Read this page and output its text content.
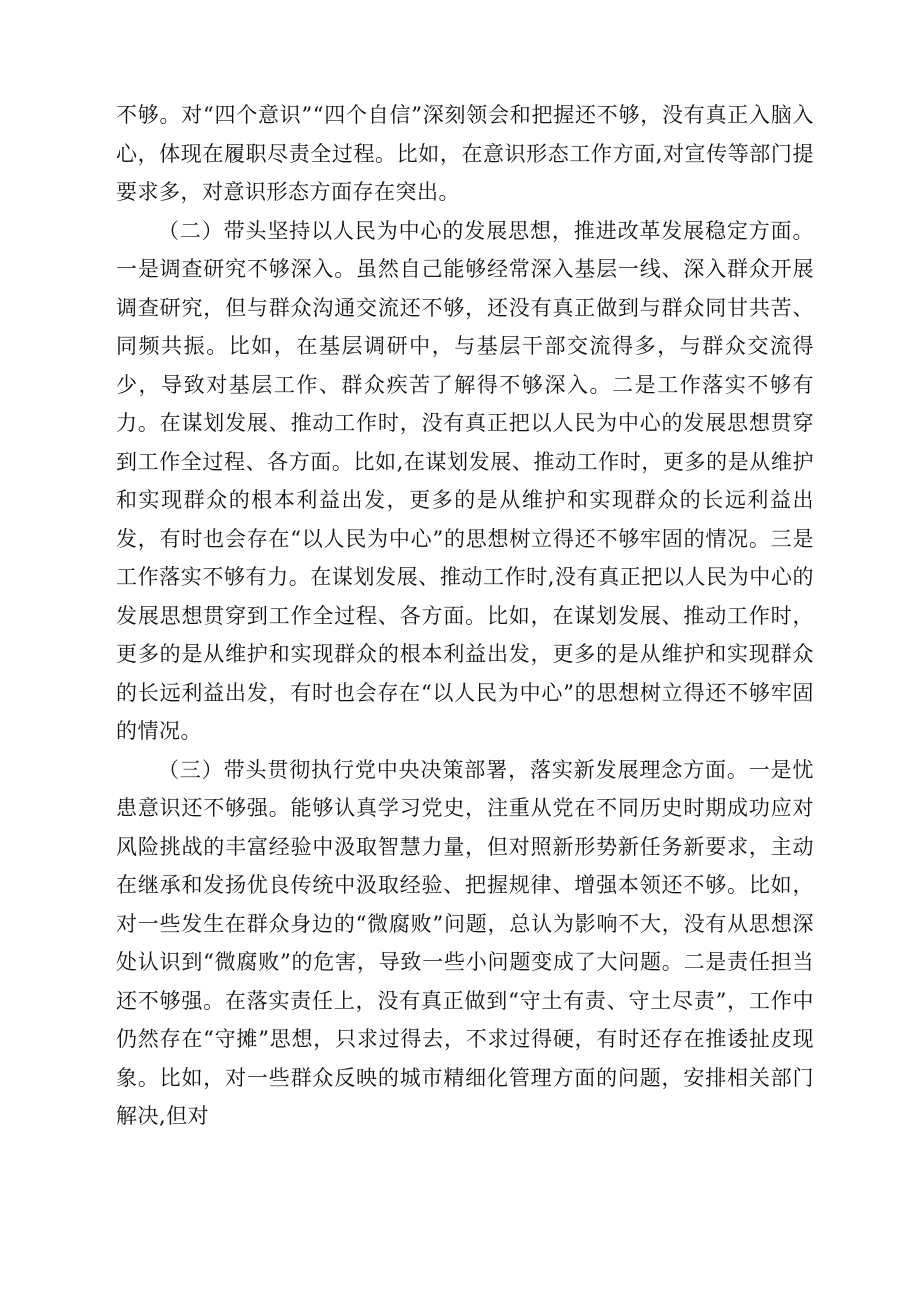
不够。对“四个意识”“四个自信”深刻领会和把握还不够，没有真正入脑入心，体现在履职尽责全过程。比如，在意识形态工作方面,对宣传等部门提要求多，对意识形态方面存在突出。

（二）带头坚持以人民为中心的发展思想，推进改革发展稳定方面。一是调查研究不够深入。虽然自己能够经常深入基层一线、深入群众开展调查研究，但与群众沟通交流还不够，还没有真正做到与群众同甘共苦、同频共振。比如，在基层调研中，与基层干部交流得多，与群众交流得少，导致对基层工作、群众疾苦了解得不够深入。二是工作落实不够有力。在谋划发展、推动工作时，没有真正把以人民为中心的发展思想贯穿到工作全过程、各方面。比如,在谋划发展、推动工作时，更多的是从维护和实现群众的根本利益出发，更多的是从维护和实现群众的长远利益出发，有时也会存在“以人民为中心”的思想树立得还不够牢固的情况。三是工作落实不够有力。在谋划发展、推动工作时,没有真正把以人民为中心的发展思想贯穿到工作全过程、各方面。比如，在谋划发展、推动工作时，更多的是从维护和实现群众的根本利益出发，更多的是从维护和实现群众的长远利益出发，有时也会存在“以人民为中心”的思想树立得还不够牢固的情况。

（三）带头贯彻执行党中央决策部署，落实新发展理念方面。一是忧患意识还不够强。能够认真学习党史，注重从党在不同历史时期成功应对风险挑战的丰富经验中汲取智慧力量，但对照新形势新任务新要求，主动在继承和发扬优良传统中汲取经验、把握规律、增强本领还不够。比如，对一些发生在群众身边的“微腐败”问题，总认为影响不大，没有从思想深处认识到“微腐败”的危害，导致一些小问题变成了大问题。二是责任担当还不够强。在落实责任上，没有真正做到“守土有责、守土尽责”，工作中仍然存在“守摊”思想，只求过得去，不求过得硬，有时还存在推诿扯皮现象。比如，对一些群众反映的城市精细化管理方面的问题，安排相关部门解决,但对
